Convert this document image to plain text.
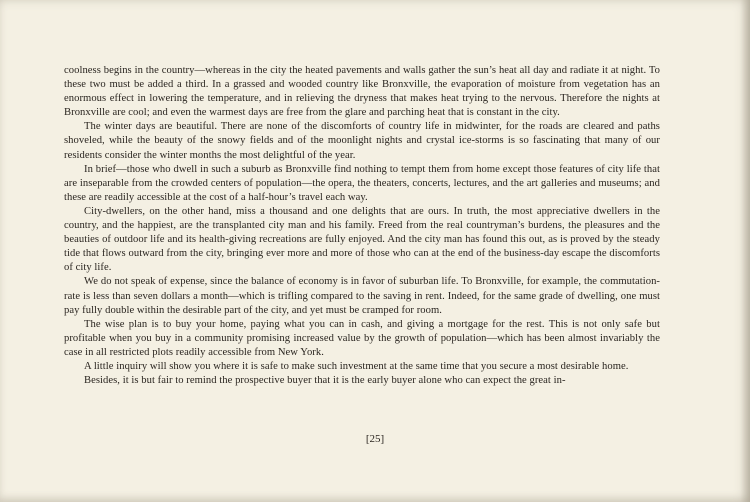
coolness begins in the country—whereas in the city the heated pavements and walls gather the sun’s heat all day and radiate it at night. To these two must be added a third. In a grassed and wooded country like Bronxville, the evaporation of moisture from vegetation has an enormous effect in lowering the temperature, and in relieving the dryness that makes heat trying to the nervous. Therefore the nights at Bronxville are cool; and even the warmest days are free from the glare and parching heat that is constant in the city.

The winter days are beautiful. There are none of the discomforts of country life in midwinter, for the roads are cleared and paths shoveled, while the beauty of the snowy fields and of the moonlight nights and crystal ice-storms is so fascinating that many of our residents consider the winter months the most delightful of the year.

In brief—those who dwell in such a suburb as Bronxville find nothing to tempt them from home except those features of city life that are inseparable from the crowded centers of population—the opera, the theaters, concerts, lectures, and the art galleries and museums; and these are readily accessible at the cost of a half-hour’s travel each way.

City-dwellers, on the other hand, miss a thousand and one delights that are ours. In truth, the most appreciative dwellers in the country, and the happiest, are the transplanted city man and his family. Freed from the real countryman’s burdens, the pleasures and the beauties of outdoor life and its health-giving recreations are fully enjoyed. And the city man has found this out, as is proved by the steady tide that flows outward from the city, bringing ever more and more of those who can at the end of the business-day escape the discomforts of city life.

We do not speak of expense, since the balance of economy is in favor of suburban life. To Bronxville, for example, the commutation-rate is less than seven dollars a month—which is trifling compared to the saving in rent. Indeed, for the same grade of dwelling, one must pay fully double within the desirable part of the city, and yet must be cramped for room.

The wise plan is to buy your home, paying what you can in cash, and giving a mortgage for the rest. This is not only safe but profitable when you buy in a community promising increased value by the growth of population—which has been almost invariably the case in all restricted plots readily accessible from New York.

A little inquiry will show you where it is safe to make such investment at the same time that you secure a most desirable home.

Besides, it is but fair to remind the prospective buyer that it is the early buyer alone who can expect the great in-

[25]
